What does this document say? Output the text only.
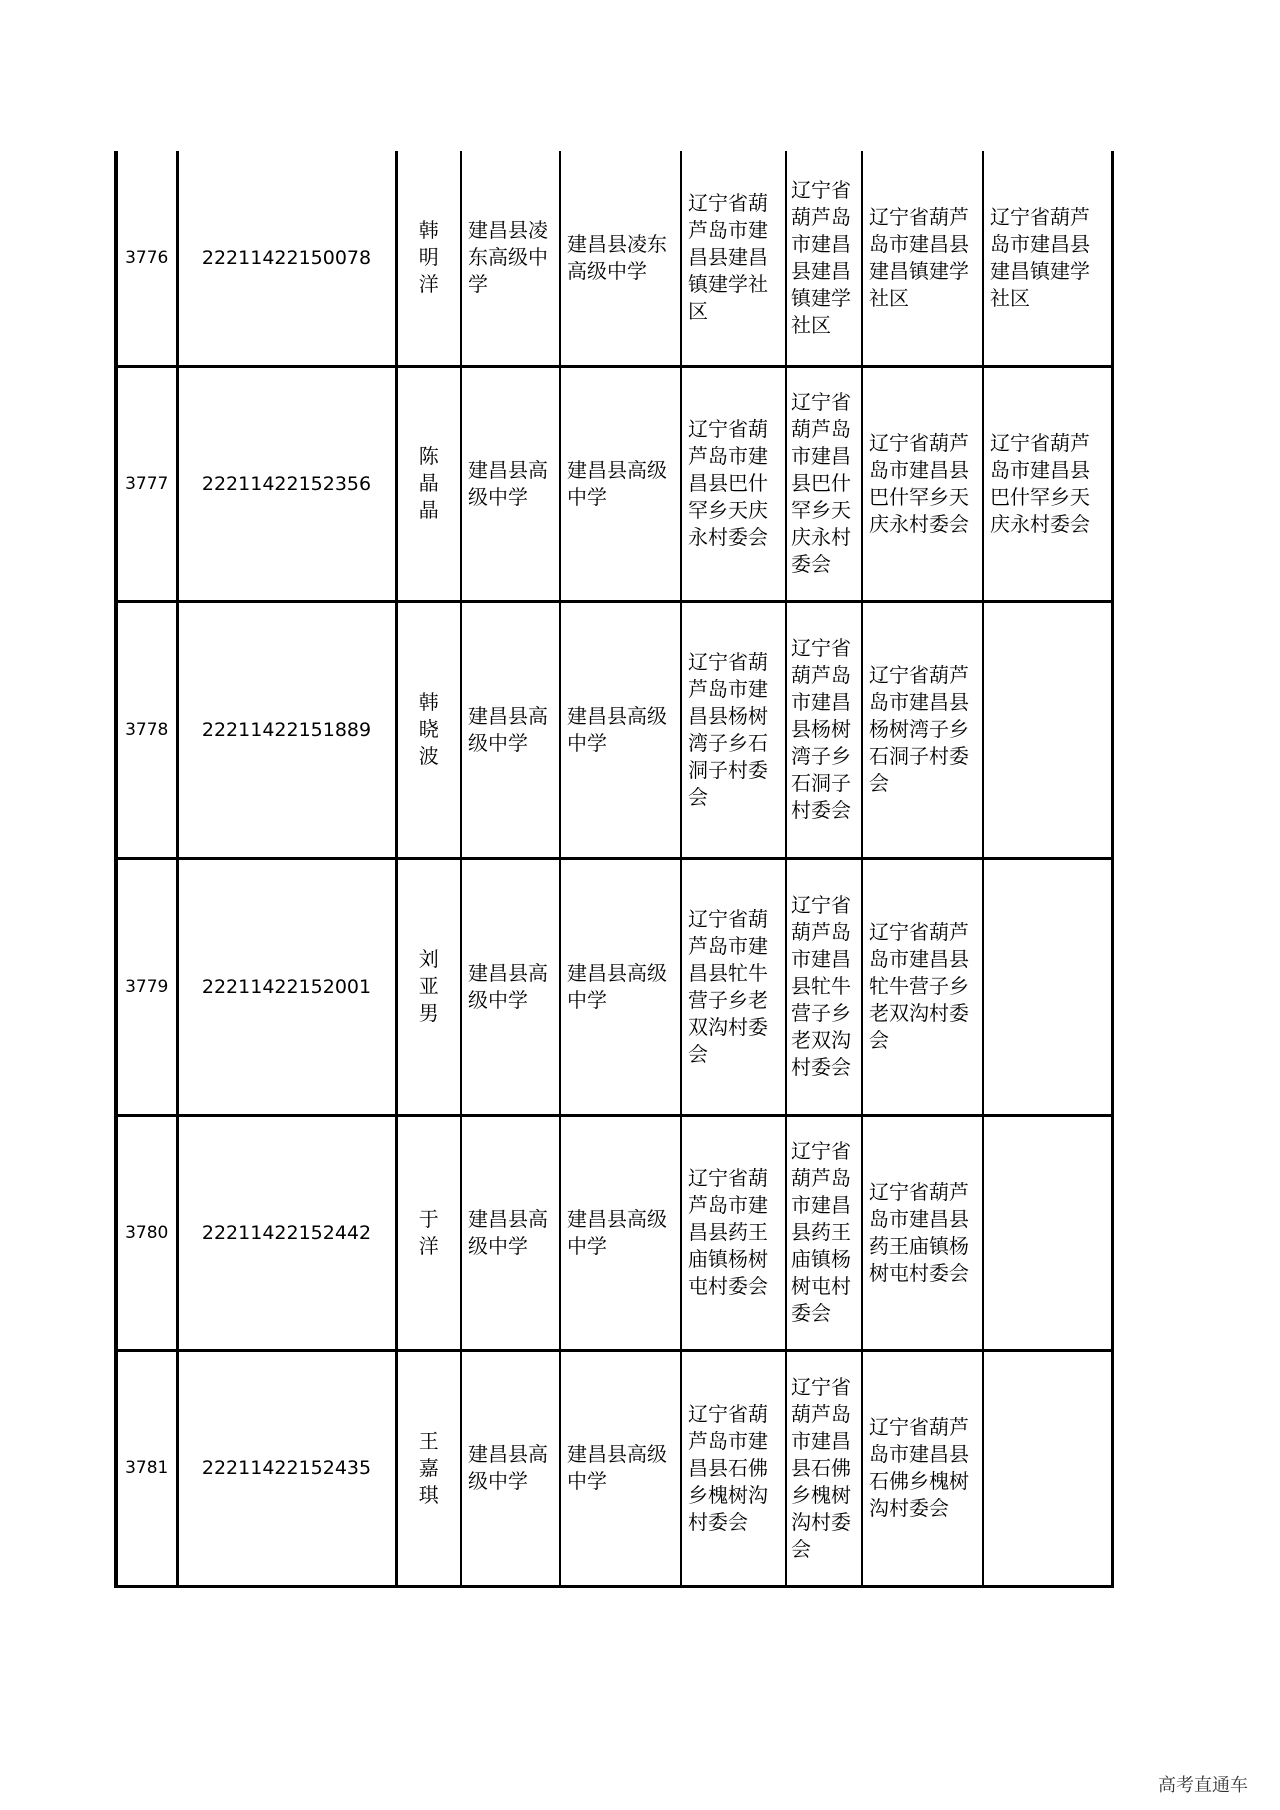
3776	22211422150078	韩明洋	建昌县凌东高级中学	建昌县凌东高级中学	辽宁省葫芦岛市建昌县建昌镇建学社区	辽宁省葫芦岛市建昌县建昌镇建学社区	辽宁省葫芦岛市建昌县建昌镇建学社区	辽宁省葫芦岛市建昌县建昌镇建学社区
3777	22211422152356	陈晶晶	建昌县高级中学	建昌县高级中学	辽宁省葫芦岛市建昌县巴什罕乡天庆永村委会	辽宁省葫芦岛市建昌县巴什罕乡天庆永村委会	辽宁省葫芦岛市建昌县巴什罕乡天庆永村委会	辽宁省葫芦岛市建昌县巴什罕乡天庆永村委会
3778	22211422151889	韩晓波	建昌县高级中学	建昌县高级中学	辽宁省葫芦岛市建昌县杨树湾子乡石洞子村委会	辽宁省葫芦岛市建昌县杨树湾子乡石洞子村委会	辽宁省葫芦岛市建昌县杨树湾子乡石洞子村委会	
3779	22211422152001	刘亚男	建昌县高级中学	建昌县高级中学	辽宁省葫芦岛市建昌县牤牛营子乡老双沟村委会	辽宁省葫芦岛市建昌县牤牛营子乡老双沟村委会	辽宁省葫芦岛市建昌县牤牛营子乡老双沟村委会	
3780	22211422152442	于洋	建昌县高级中学	建昌县高级中学	辽宁省葫芦岛市建昌县药王庙镇杨树屯村委会	辽宁省葫芦岛市建昌县药王庙镇杨树屯村委会	辽宁省葫芦岛市建昌县药王庙镇杨树屯村委会	
3781	22211422152435	王嘉琪	建昌县高级中学	建昌县高级中学	辽宁省葫芦岛市建昌县石佛乡槐树沟村委会	辽宁省葫芦岛市建昌县石佛乡槐树沟村委会	辽宁省葫芦岛市建昌县石佛乡槐树沟村委会	
高考直通车
